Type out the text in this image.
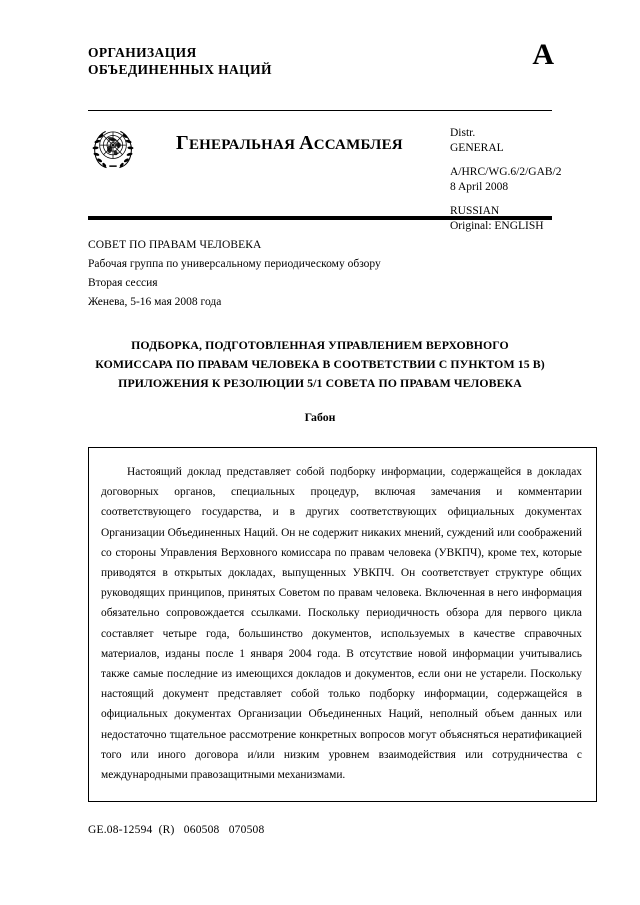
ОРГАНИЗАЦИЯ
ОБЪЕДИНЕННЫХ НАЦИЙ	A
ГЕНЕРАЛЬНАЯ АССАМБЛЕЯ
Distr.
GENERAL
A/HRC/WG.6/2/GAB/2
8 April 2008
RUSSIAN
Original: ENGLISH
СОВЕТ ПО ПРАВАМ ЧЕЛОВЕКА
Рабочая группа по универсальному периодическому обзору
Вторая сессия
Женева, 5-16 мая 2008 года
ПОДБОРКА, ПОДГОТОВЛЕННАЯ УПРАВЛЕНИЕМ ВЕРХОВНОГО
КОМИССАРА ПО ПРАВАМ ЧЕЛОВЕКА В СООТВЕТСТВИИ С ПУНКТОМ 15 В)
ПРИЛОЖЕНИЯ К РЕЗОЛЮЦИИ 5/1 СОВЕТА ПО ПРАВАМ ЧЕЛОВЕКА
Габон

Настоящий доклад представляет собой подборку информации, содержащейся в докладах договорных органов, специальных процедур, включая замечания и комментарии соответствующего государства, и в других соответствующих официальных документах Организации Объединенных Наций. Он не содержит никаких мнений, суждений или соображений со стороны Управления Верховного комиссара по правам человека (УВКПЧ), кроме тех, которые приводятся в открытых докладах, выпущенных УВКПЧ. Он соответствует структуре общих руководящих принципов, принятых Советом по правам человека. Включенная в него информация обязательно сопровождается ссылками. Поскольку периодичность обзора для первого цикла составляет четыре года, большинство документов, используемых в качестве справочных материалов, изданы после 1 января 2004 года. В отсутствие новой информации учитывались также самые последние из имеющихся докладов и документов, если они не устарели. Поскольку настоящий документ представляет собой только подборку информации, содержащейся в официальных документах Организации Объединенных Наций, неполный объем данных или недостаточно тщательное рассмотрение конкретных вопросов могут объясняться нератификацией того или иного договора и/или низким уровнем взаимодействия или сотрудничества с международными правозащитными механизмами.

GE.08-12594  (R)   060508   070508
